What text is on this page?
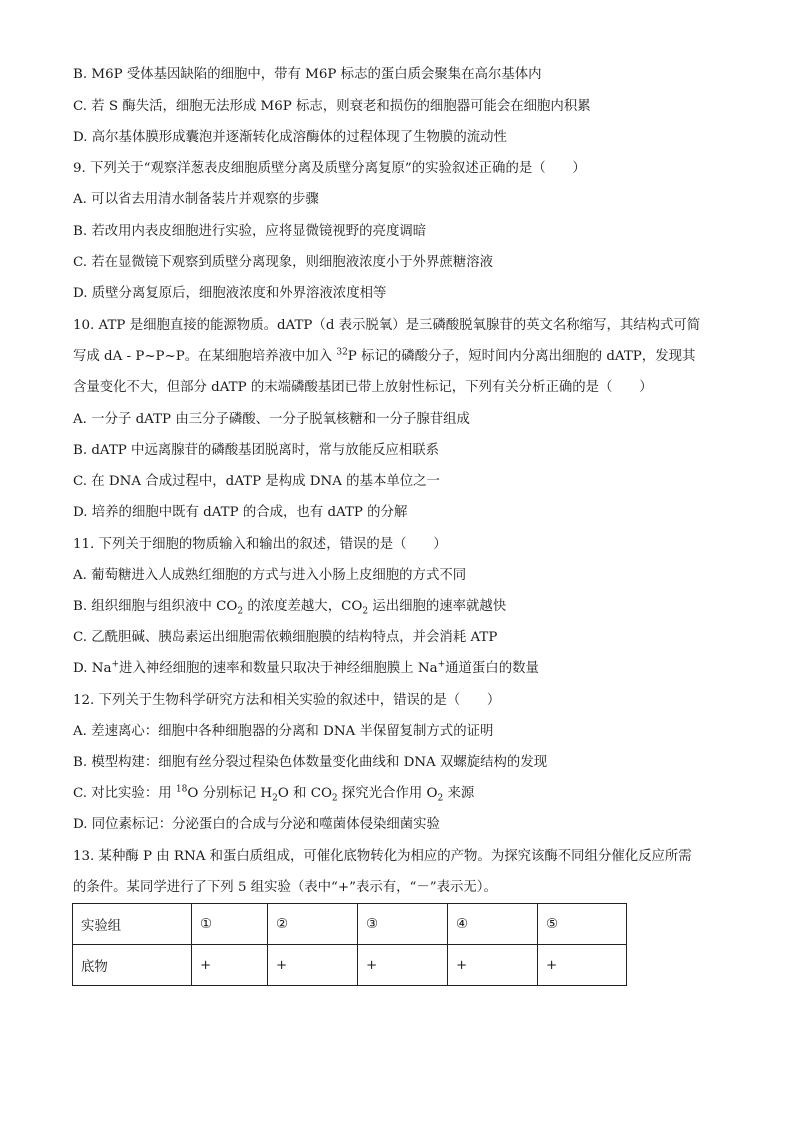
B. M6P 受体基因缺陷的细胞中，带有 M6P 标志的蛋白质会聚集在高尔基体内
C. 若 S 酶失活，细胞无法形成 M6P 标志，则衰老和损伤的细胞器可能会在细胞内积累
D. 高尔基体膜形成囊泡并逐渐转化成溶酶体的过程体现了生物膜的流动性
9. 下列关于“观察洋葱表皮细胞质壁分离及质壁分离复原”的实验叙述正确的是（　　）
A. 可以省去用清水制备装片并观察的步骤
B. 若改用内表皮细胞进行实验，应将显微镜视野的亮度调暗
C. 若在显微镜下观察到质壁分离现象，则细胞液浓度小于外界蔗糖溶液
D. 质壁分离复原后，细胞液浓度和外界溶液浓度相等
10. ATP 是细胞直接的能源物质。dATP（d 表示脱氧）是三磷酸脱氧腺苷的英文名称缩写，其结构式可简
写成 dA - P~P~P。在某细胞培养液中加入 $^{32}$P 标记的磷酸分子，短时间内分离出细胞的 dATP，发现其
含量变化不大，但部分 dATP 的末端磷酸基团已带上放射性标记，下列有关分析正确的是（　　）
A. 一分子 dATP 由三分子磷酸、一分子脱氧核糖和一分子腺苷组成
B. dATP 中远离腺苷的磷酸基团脱离时，常与放能反应相联系
C. 在 DNA 合成过程中，dATP 是构成 DNA 的基本单位之一
D. 培养的细胞中既有 dATP 的合成，也有 dATP 的分解
11. 下列关于细胞的物质输入和输出的叙述，错误的是（　　）
A. 葡萄糖进入人成熟红细胞的方式与进入小肠上皮细胞的方式不同
B. 组织细胞与组织液中 $CO_2$ 的浓度差越大，$CO_2$ 运出细胞的速率就越快
C. 乙酰胆碱、胰岛素运出细胞需依赖细胞膜的结构特点，并会消耗 ATP
D. Na+进入神经细胞的速率和数量只取决于神经细胞膜上 Na+通道蛋白的数量
12. 下列关于生物科学研究方法和相关实验的叙述中，错误的是（　　）
A. 差速离心：细胞中各种细胞器的分离和 DNA 半保留复制方式的证明
B. 模型构建：细胞有丝分裂过程染色体数量变化曲线和 DNA 双螺旋结构的发现
C. 对比实验：用 $^{18}$O 分别标记 $H_2O$ 和 $CO_2$ 探究光合作用 $O_2$ 来源
D. 同位素标记：分泌蛋白的合成与分泌和噬菌体侵染细菌实验
13. 某种酶 P 由 RNA 和蛋白质组成，可催化底物转化为相应的产物。为探究该酶不同组分催化反应所需
的条件。某同学进行了下列 5 组实验（表中“+”表示有，“－”表示无）。
实验组	①	②	③	④	⑤
底物	+	+	+	+	+
